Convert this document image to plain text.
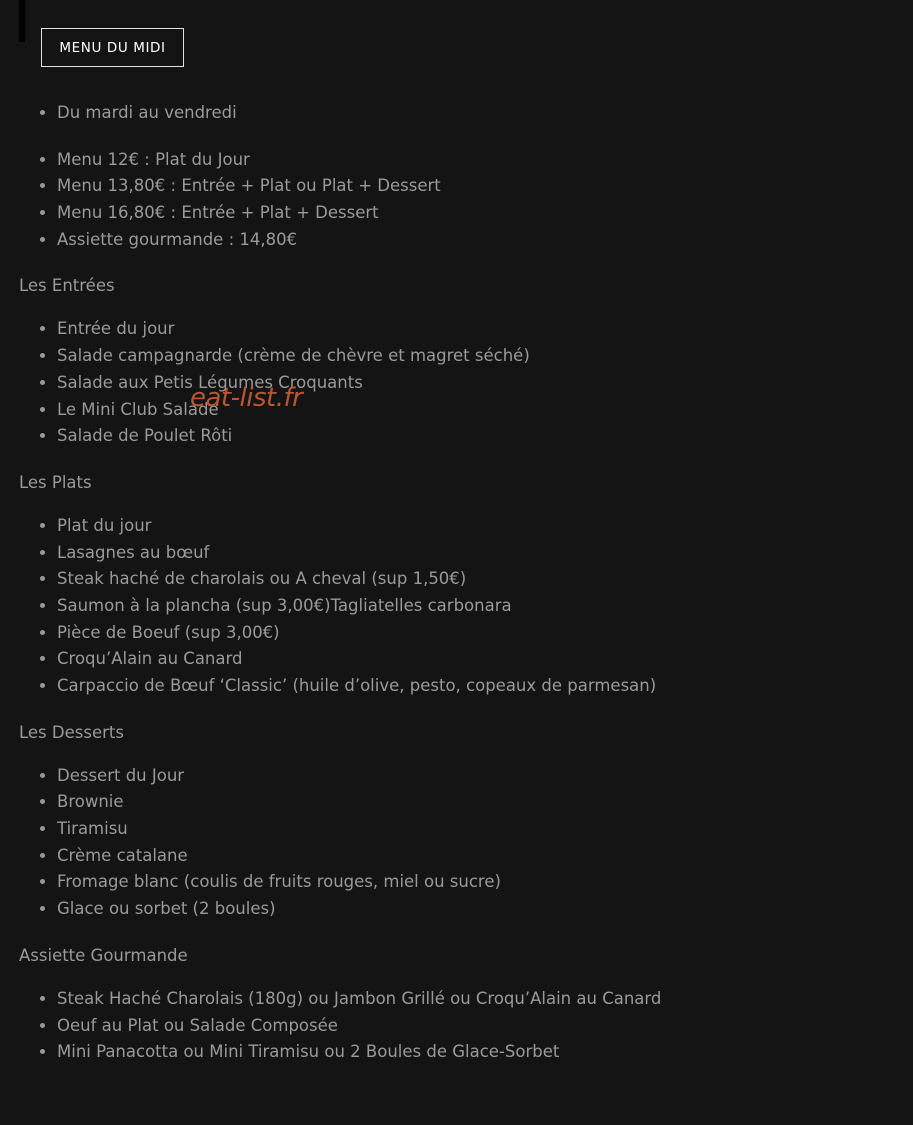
MENU DU MIDI
• Du mardi au vendredi
• Menu 12€ : Plat du Jour
• Menu 13,80€ : Entrée + Plat ou Plat + Dessert
• Menu 16,80€ : Entrée + Plat + Dessert
• Assiette gourmande : 14,80€
Les Entrées
• Entrée du jour
• Salade campagnarde (crème de chèvre et magret séché)
• Salade aux Petis Légumes Croquants
• Le Mini Club Salade
• Salade de Poulet Rôti
Les Plats
• Plat du jour
• Lasagnes au bœuf
• Steak haché de charolais ou A cheval (sup 1,50€)
• Saumon à la plancha (sup 3,00€)Tagliatelles carbonara
• Pièce de Boeuf (sup 3,00€)
• Croqu’Alain au Canard
• Carpaccio de Bœuf ‘Classic’ (huile d’olive, pesto, copeaux de parmesan)
Les Desserts
• Dessert du Jour
• Brownie
• Tiramisu
• Crème catalane
• Fromage blanc (coulis de fruits rouges, miel ou sucre)
• Glace ou sorbet (2 boules)
Assiette Gourmande
• Steak Haché Charolais (180g) ou Jambon Grillé ou Croqu’Alain au Canard
• Oeuf au Plat ou Salade Composée
• Mini Panacotta ou Mini Tiramisu ou 2 Boules de Glace-Sorbet
eat-list.fr
